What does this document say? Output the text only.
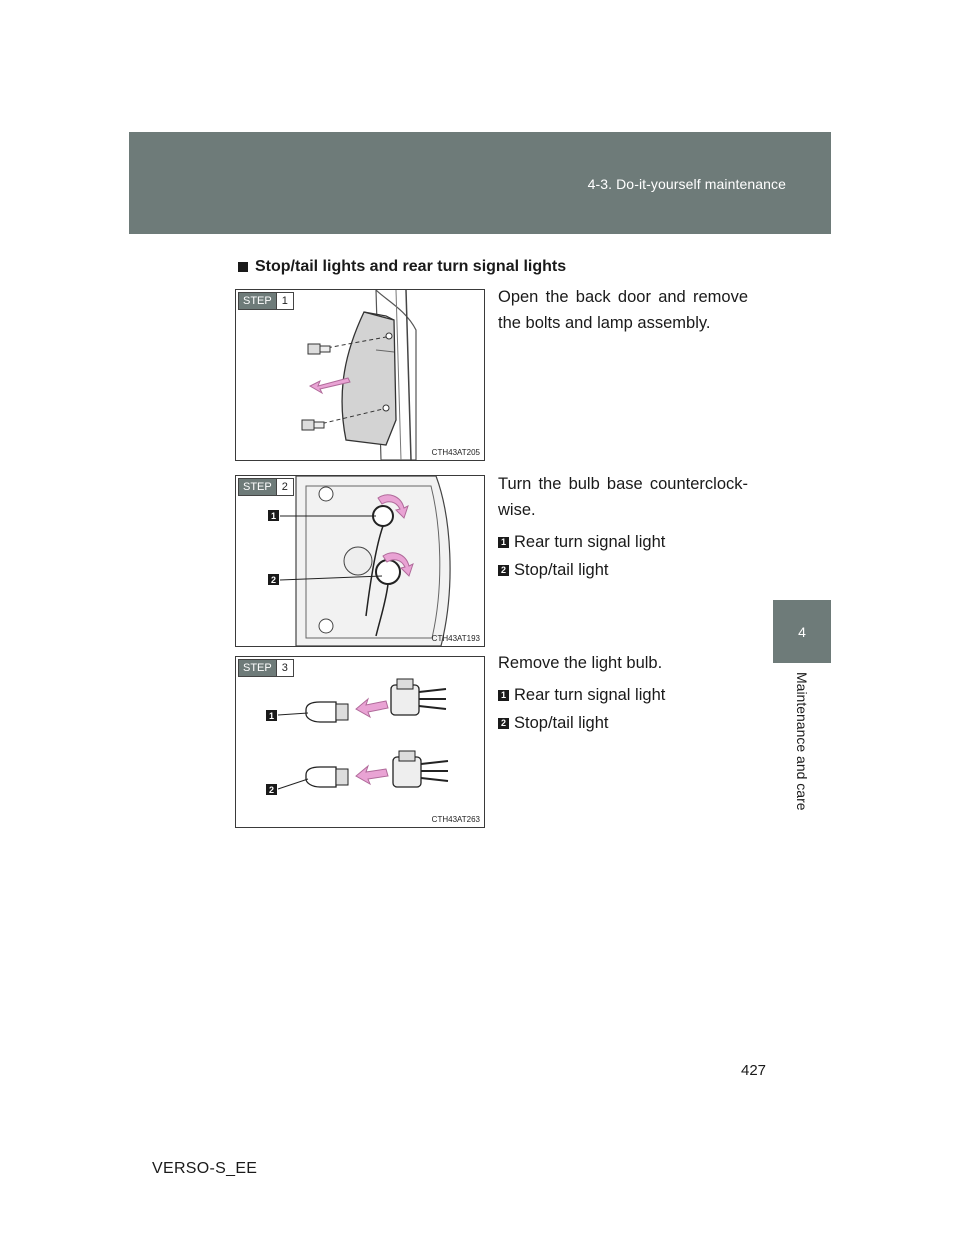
4-3. Do-it-yourself maintenance
4
Maintenance and care
Stop/tail lights and rear turn signal lights
STEP 1
CTH43AT205

Open the back door and remove the bolts and lamp assembly.

STEP 2
1
2
CTH43AT193

Turn the bulb base counterclock-wise.

1 Rear turn signal light
2 Stop/tail light
STEP 3
1
2
CTH43AT263

Remove the light bulb.

1 Rear turn signal light
2 Stop/tail light
427
VERSO-S_EE
